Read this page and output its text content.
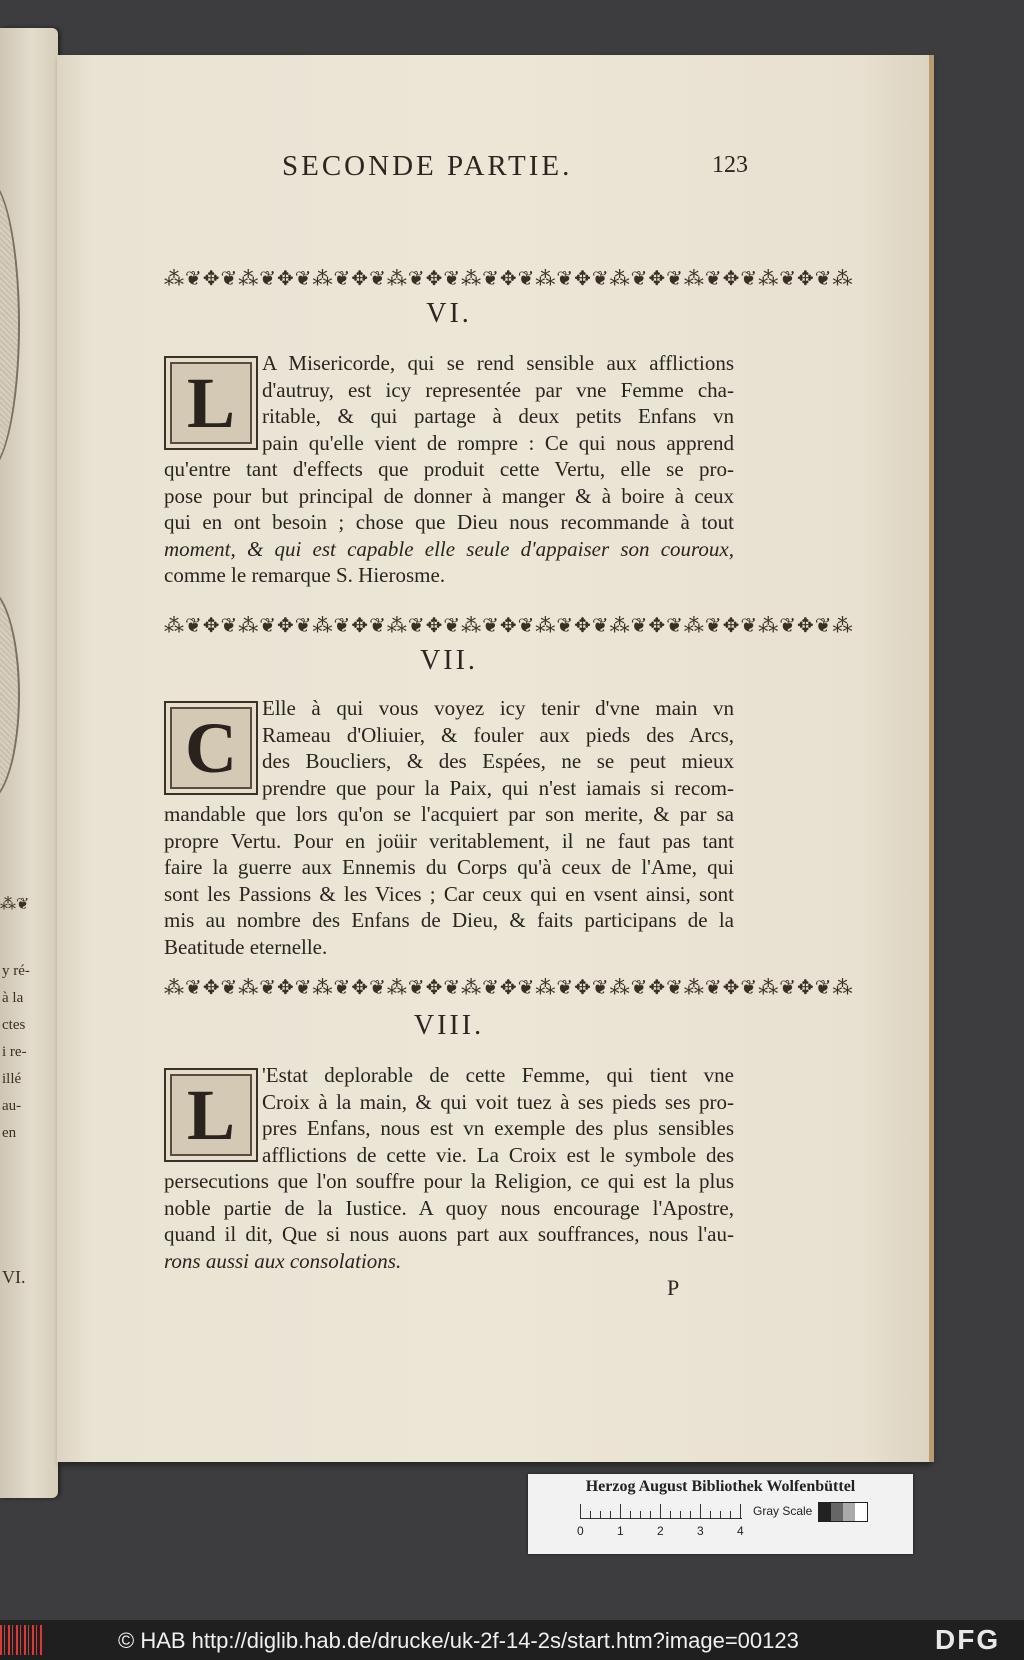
⁂❦
y ré-
à la
ctes
i re-
illé
au-
en
VI.
SECONDE PARTIE.	123
⁂❦✥❦⁂❦✥❦⁂❦✥❦⁂❦✥❦⁂❦✥❦⁂❦✥❦⁂❦✥❦⁂❦✥❦⁂❦✥❦⁂
VI.
L	A Misericorde, qui se rend sensible aux afflictions
d'autruy, est icy representée par vne Femme cha-
ritable, & qui partage à deux petits Enfans vn
pain qu'elle vient de rompre : Ce qui nous apprend
qu'entre tant d'effects que produit cette Vertu, elle se pro-
pose pour but principal de donner à manger & à boire à ceux
qui en ont besoin ; chose que Dieu nous recommande à tout
moment, & qui est capable elle seule d'appaiser son couroux,
comme le remarque S. Hierosme.
⁂❦✥❦⁂❦✥❦⁂❦✥❦⁂❦✥❦⁂❦✥❦⁂❦✥❦⁂❦✥❦⁂❦✥❦⁂❦✥❦⁂
VII.
C	Elle à qui vous voyez icy tenir d'vne main vn
Rameau d'Oliuier, & fouler aux pieds des Arcs,
des Boucliers, & des Espées, ne se peut mieux
prendre que pour la Paix, qui n'est iamais si recom-
mandable que lors qu'on se l'acquiert par son merite, & par sa
propre Vertu. Pour en joüir veritablement, il ne faut pas tant
faire la guerre aux Ennemis du Corps qu'à ceux de l'Ame, qui
sont les Passions & les Vices ; Car ceux qui en vsent ainsi, sont
mis au nombre des Enfans de Dieu, & faits participans de la
Beatitude eternelle.
⁂❦✥❦⁂❦✥❦⁂❦✥❦⁂❦✥❦⁂❦✥❦⁂❦✥❦⁂❦✥❦⁂❦✥❦⁂❦✥❦⁂
VIII.
L	'Estat deplorable de cette Femme, qui tient vne
Croix à la main, & qui voit tuez à ses pieds ses pro-
pres Enfans, nous est vn exemple des plus sensibles
afflictions de cette vie. La Croix est le symbole des
persecutions que l'on souffre pour la Religion, ce qui est la plus
noble partie de la Iustice. A quoy nous encourage l'Apostre,
quand il dit, Que si nous auons part aux souffrances, nous l'au-
rons aussi aux consolations.
P
Herzog August Bibliothek Wolfenbüttel
0	1	2	3	4
Gray Scale
© HAB http://diglib.hab.de/drucke/uk-2f-14-2s/start.htm?image=00123	DFG
